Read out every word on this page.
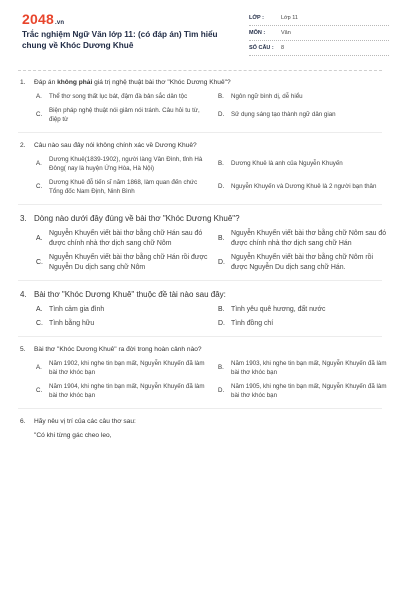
2048.vn
Trắc nghiệm Ngữ Văn lớp 11: (có đáp án) Tìm hiểu chung về Khóc Dương Khuê
LỚP :	Lớp 11
MÔN :	Văn
SỐ CÂU :	8
1.	Đáp án không phải giá trị nghệ thuật bài thơ "Khóc Dương Khuê"?
A.	Thể thơ song thất lục bát, đậm đà bản sắc dân tộc	B.	Ngôn ngữ bình dị, dễ hiểu
C.
Biện pháp nghệ thuật nói giảm nói tránh. Câu hỏi tu từ, điệp từ
D.	Sử dụng sáng tạo thành ngữ dân gian
2.	Câu nào sau đây nói không chính xác về Dương Khuê?
A.
Dương Khuê(1839-1902), người làng Vân Đình, tỉnh Hà Đông( nay là huyện Ứng Hòa, Hà Nội)
B.	Dương Khuê là anh của Nguyễn Khuyến
C.
Dương Khuê đỗ tiến sĩ năm 1868, làm quan đến chức Tổng đốc Nam Định, Ninh Bình
D.	Nguyễn Khuyến và Dương Khuê là 2 người bạn thân
3. Dòng nào dưới đây đúng về bài thơ "Khóc Dương Khuê"?
A.
Nguyễn Khuyến viết bài thơ bằng chữ Hán sau đó được chính nhà thơ dịch sang chữ Nôm
B.
Nguyễn Khuyến viết bài thơ bằng chữ Nôm sau đó được chính nhà thơ dịch sang chữ Hán
C.
Nguyễn Khuyến viết bài thơ bằng chữ Hán rồi được Nguyễn Du dịch sang chữ Nôm
D.
Nguyễn Khuyến viết bài thơ bằng chữ Nôm rồi được Nguyễn Du dịch sang chữ Hán.
4. Bài thơ "Khóc Dương Khuê" thuộc đề tài nào sau đây:
A. Tình cảm gia đình	B. Tình yêu quê hương, đất nước
C. Tình bằng hữu	D. Tình đồng chí
5.	Bài thơ "Khóc Dương Khuê" ra đời trong hoàn cảnh nào?
A.
Năm 1902, khi nghe tin bạn mất, Nguyễn Khuyến đã làm bài thơ khóc bạn
B.
Năm 1903, khi nghe tin bạn mất, Nguyễn Khuyến đã làm bài thơ khóc bạn
C.
Năm 1904, khi nghe tin bạn mất, Nguyễn Khuyến đã làm bài thơ khóc bạn
D.
Năm 1905, khi nghe tin bạn mất, Nguyễn Khuyến đã làm bài thơ khóc bạn
6.	Hãy nêu vị trí của các câu thơ sau:
"Có khi từng gác cheo leo,
